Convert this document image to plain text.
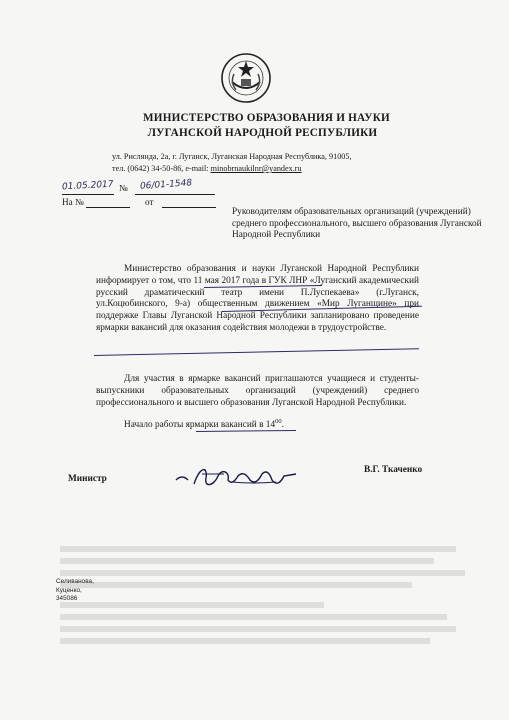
МИНИСТЕРСТВО ОБРАЗОВАНИЯ И НАУКИ
ЛУГАНСКОЙ НАРОДНОЙ РЕСПУБЛИКИ
ул. Рислянда, 2а, г. Луганск, Луганская Народная Республика, 91005,
тел. (0642) 34-50-86, e-mail: minobrnaukilnr@yandex.ru
01.05.2017 № 06/01-1548
На №	от
Руководителям образовательных организаций (учреждений) среднего профессионального, высшего образования Луганской Народной Республики
Министерство образования и науки Луганской Народной Республики информирует о том, что 11 мая 2017 года в ГУК ЛНР «Луганский академический русский драматический театр имени П.Луспекаева» (г.Луганск, ул.Коцюбинского, 9-а) общественным движением «Мир Луганщине» при поддержке Главы Луганской Народной Республики запланировано проведение ярмарки вакансий для оказания содействия молодежи в трудоустройстве.
Для участия в ярмарке вакансий приглашаются учащиеся и студенты-выпускники образовательных организаций (учреждений) среднего профессионального и высшего образования Луганской Народной Республики.
Начало работы ярмарки вакансий в $14^{00}$.
Министр
В.Г. Ткаченко
Селиванова,
Куценко,
345086
